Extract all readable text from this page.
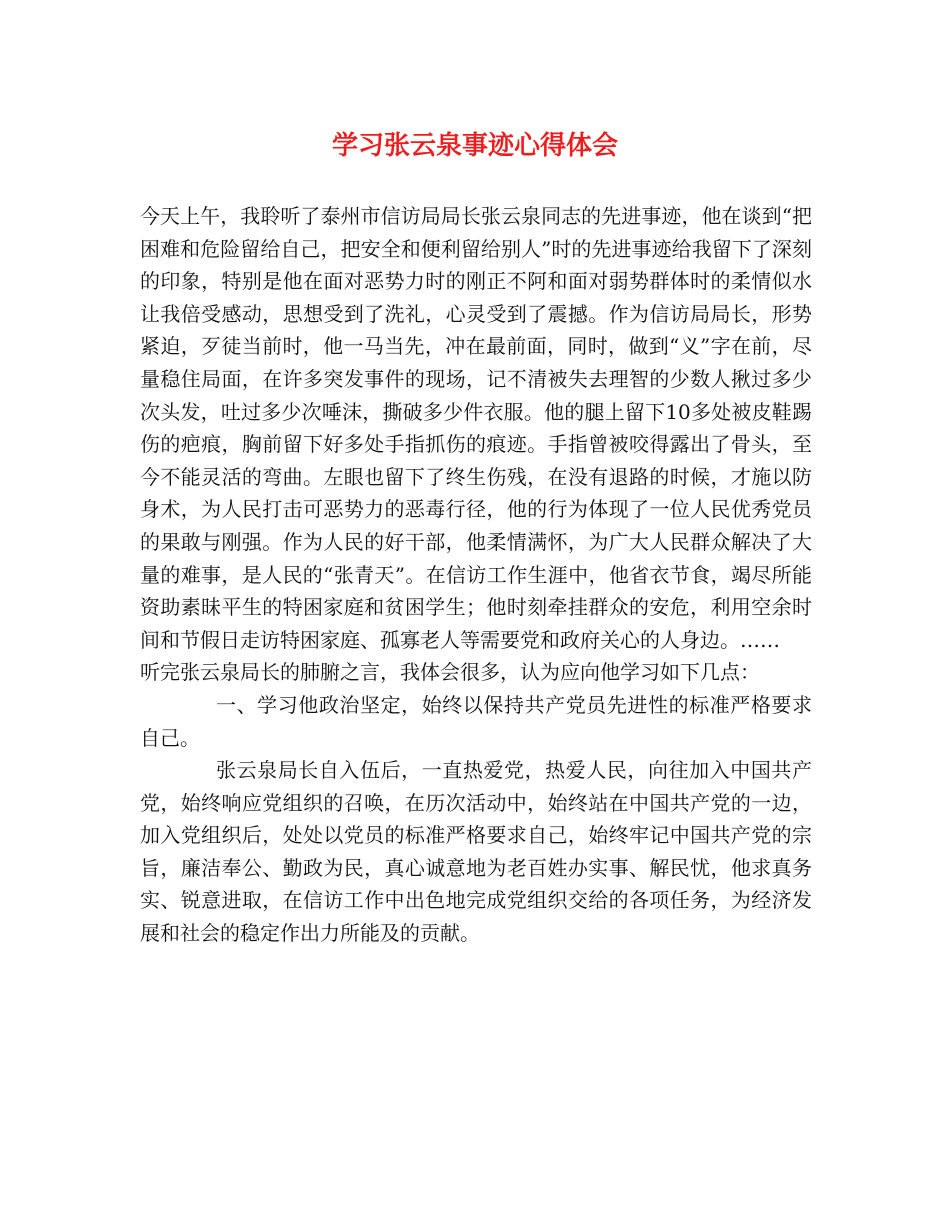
学习张云泉事迹心得体会

今天上午，我聆听了泰州市信访局局长张云泉同志的先进事迹，他在谈到“把困难和危险留给自己，把安全和便利留给别人”时的先进事迹给我留下了深刻的印象，特别是他在面对恶势力时的刚正不阿和面对弱势群体时的柔情似水让我倍受感动，思想受到了洗礼，心灵受到了震撼。作为信访局局长，形势紧迫，歹徒当前时，他一马当先，冲在最前面，同时，做到“义”字在前，尽量稳住局面，在许多突发事件的现场，记不清被失去理智的少数人揪过多少次头发，吐过多少次唾沫，撕破多少件衣服。他的腿上留下10多处被皮鞋踢伤的疤痕，胸前留下好多处手指抓伤的痕迹。手指曾被咬得露出了骨头，至今不能灵活的弯曲。左眼也留下了终生伤残，在没有退路的时候，才施以防身术，为人民打击可恶势力的恶毒行径，他的行为体现了一位人民优秀党员的果敢与刚强。作为人民的好干部，他柔情满怀，为广大人民群众解决了大量的难事，是人民的“张青天”。在信访工作生涯中，他省衣节食，竭尽所能资助素昧平生的特困家庭和贫困学生；他时刻牵挂群众的安危，利用空余时间和节假日走访特困家庭、孤寡老人等需要党和政府关心的人身边。……

听完张云泉局长的肺腑之言，我体会很多，认为应向他学习如下几点：

一、学习他政治坚定，始终以保持共产党员先进性的标准严格要求自己。

张云泉局长自入伍后，一直热爱党，热爱人民，向往加入中国共产党，始终响应党组织的召唤，在历次活动中，始终站在中国共产党的一边，加入党组织后，处处以党员的标准严格要求自己，始终牢记中国共产党的宗旨，廉洁奉公、勤政为民，真心诚意地为老百姓办实事、解民忧，他求真务实、锐意进取，在信访工作中出色地完成党组织交给的各项任务，为经济发展和社会的稳定作出力所能及的贡献。
